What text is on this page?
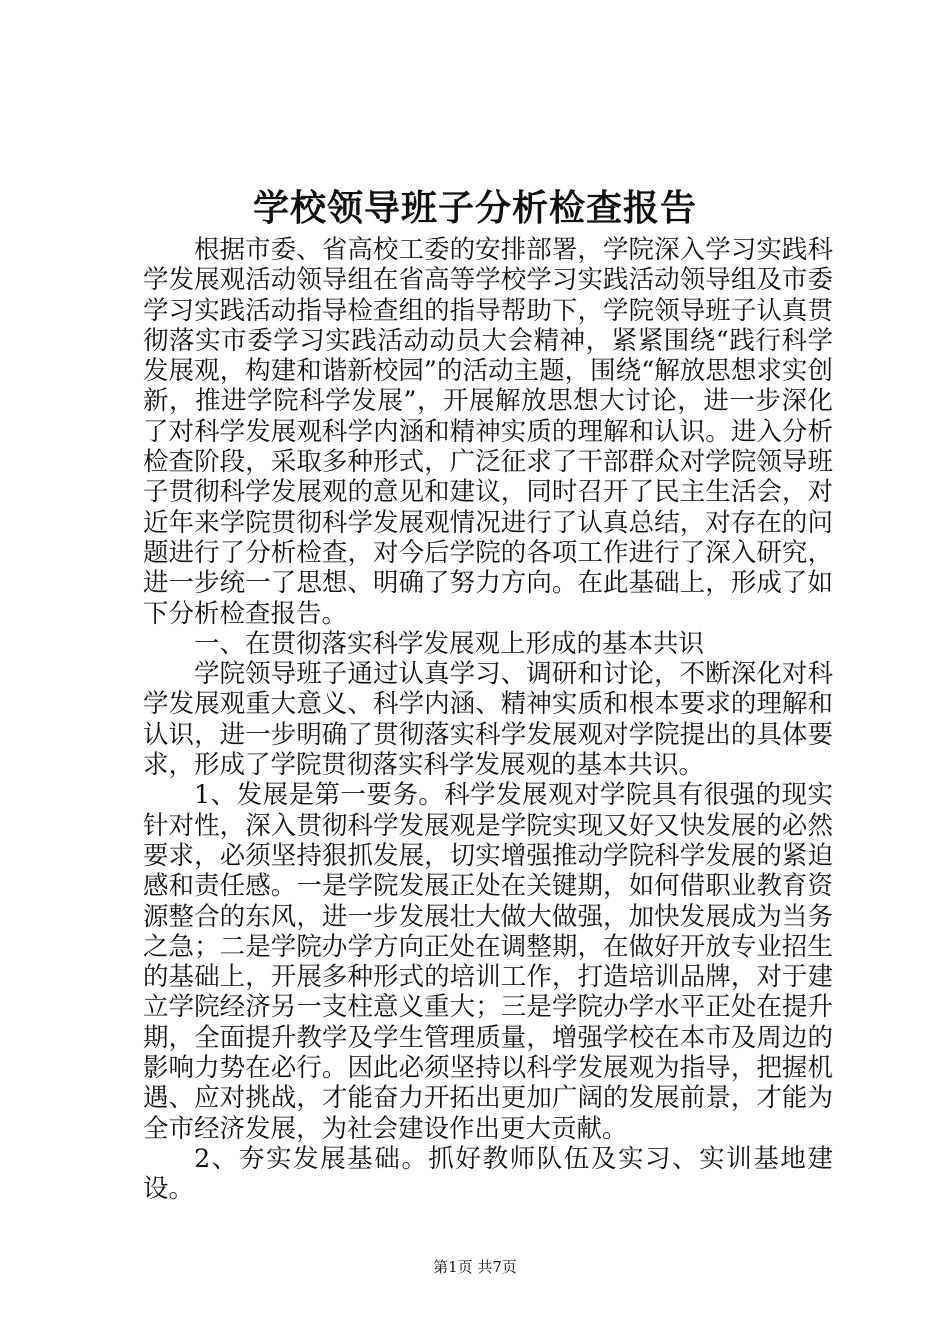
学校领导班子分析检查报告

根据市委、省高校工委的安排部署，学院深入学习实践科学发展观活动领导组在省高等学校学习实践活动领导组及市委学习实践活动指导检查组的指导帮助下，学院领导班子认真贯彻落实市委学习实践活动动员大会精神，紧紧围绕“践行科学发展观，构建和谐新校园”的活动主题，围绕“解放思想求实创新，推进学院科学发展”，开展解放思想大讨论，进一步深化了对科学发展观科学内涵和精神实质的理解和认识。进入分析检查阶段，采取多种形式，广泛征求了干部群众对学院领导班子贯彻科学发展观的意见和建议，同时召开了民主生活会，对近年来学院贯彻科学发展观情况进行了认真总结，对存在的问题进行了分析检查，对今后学院的各项工作进行了深入研究，进一步统一了思想、明确了努力方向。在此基础上，形成了如下分析检查报告。

一、在贯彻落实科学发展观上形成的基本共识

学院领导班子通过认真学习、调研和讨论，不断深化对科学发展观重大意义、科学内涵、精神实质和根本要求的理解和认识，进一步明确了贯彻落实科学发展观对学院提出的具体要求，形成了学院贯彻落实科学发展观的基本共识。

1、发展是第一要务。科学发展观对学院具有很强的现实针对性，深入贯彻科学发展观是学院实现又好又快发展的必然要求，必须坚持狠抓发展，切实增强推动学院科学发展的紧迫感和责任感。一是学院发展正处在关键期，如何借职业教育资源整合的东风，进一步发展壮大做大做强，加快发展成为当务之急；二是学院办学方向正处在调整期，在做好开放专业招生的基础上，开展多种形式的培训工作，打造培训品牌，对于建立学院经济另一支柱意义重大；三是学院办学水平正处在提升期，全面提升教学及学生管理质量，增强学校在本市及周边的影响力势在必行。因此必须坚持以科学发展观为指导，把握机遇、应对挑战，才能奋力开拓出更加广阔的发展前景，才能为全市经济发展，为社会建设作出更大贡献。

2、夯实发展基础。抓好教师队伍及实习、实训基地建设。

第1页 共7页
